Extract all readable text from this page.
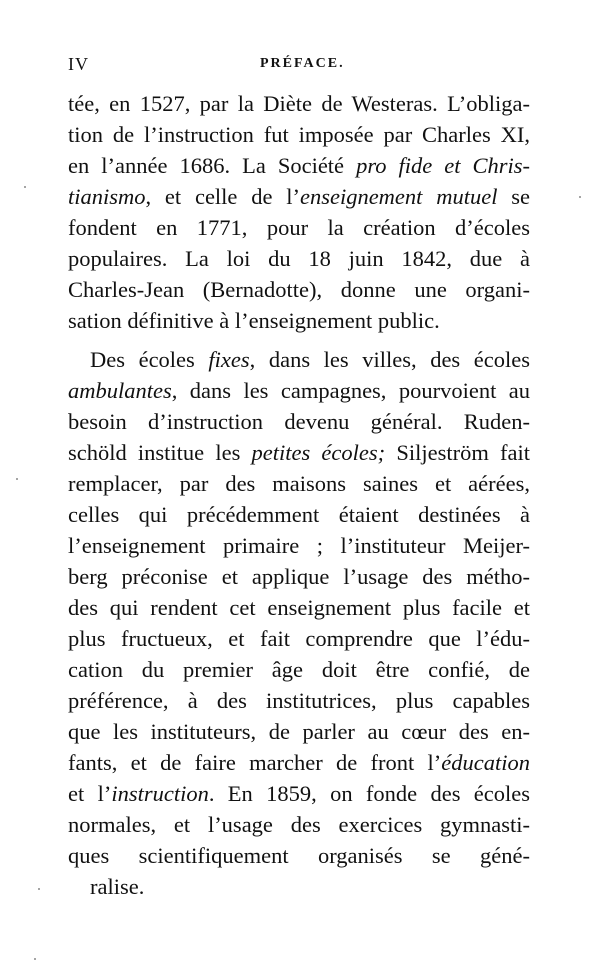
IV	PRÉFACE.
tée, en 1527, par la Diète de Westeras. L’obliga-
tion de l’instruction fut imposée par Charles XI,
en l’année 1686. La Société pro fide et Chris-
tianismo, et celle de l’enseignement mutuel se
fondent en 1771, pour la création d’écoles
populaires. La loi du 18 juin 1842, due à
Charles-Jean (Bernadotte), donne une organi-
sation définitive à l’enseignement public.
Des écoles fixes, dans les villes, des écoles
ambulantes, dans les campagnes, pourvoient au
besoin d’instruction devenu général. Ruden-
schöld institue les petites écoles; Siljeström fait
remplacer, par des maisons saines et aérées,
celles qui précédemment étaient destinées à
l’enseignement primaire ; l’instituteur Meijer-
berg préconise et applique l’usage des métho-
des qui rendent cet enseignement plus facile et
plus fructueux, et fait comprendre que l’édu-
cation du premier âge doit être confié, de
préférence, à des institutrices, plus capables
que les instituteurs, de parler au cœur des en-
fants, et de faire marcher de front l’éducation
et l’instruction. En 1859, on fonde des écoles
normales, et l’usage des exercices gymnasti-
ques scientifiquement organisés se géné-
ralise.
